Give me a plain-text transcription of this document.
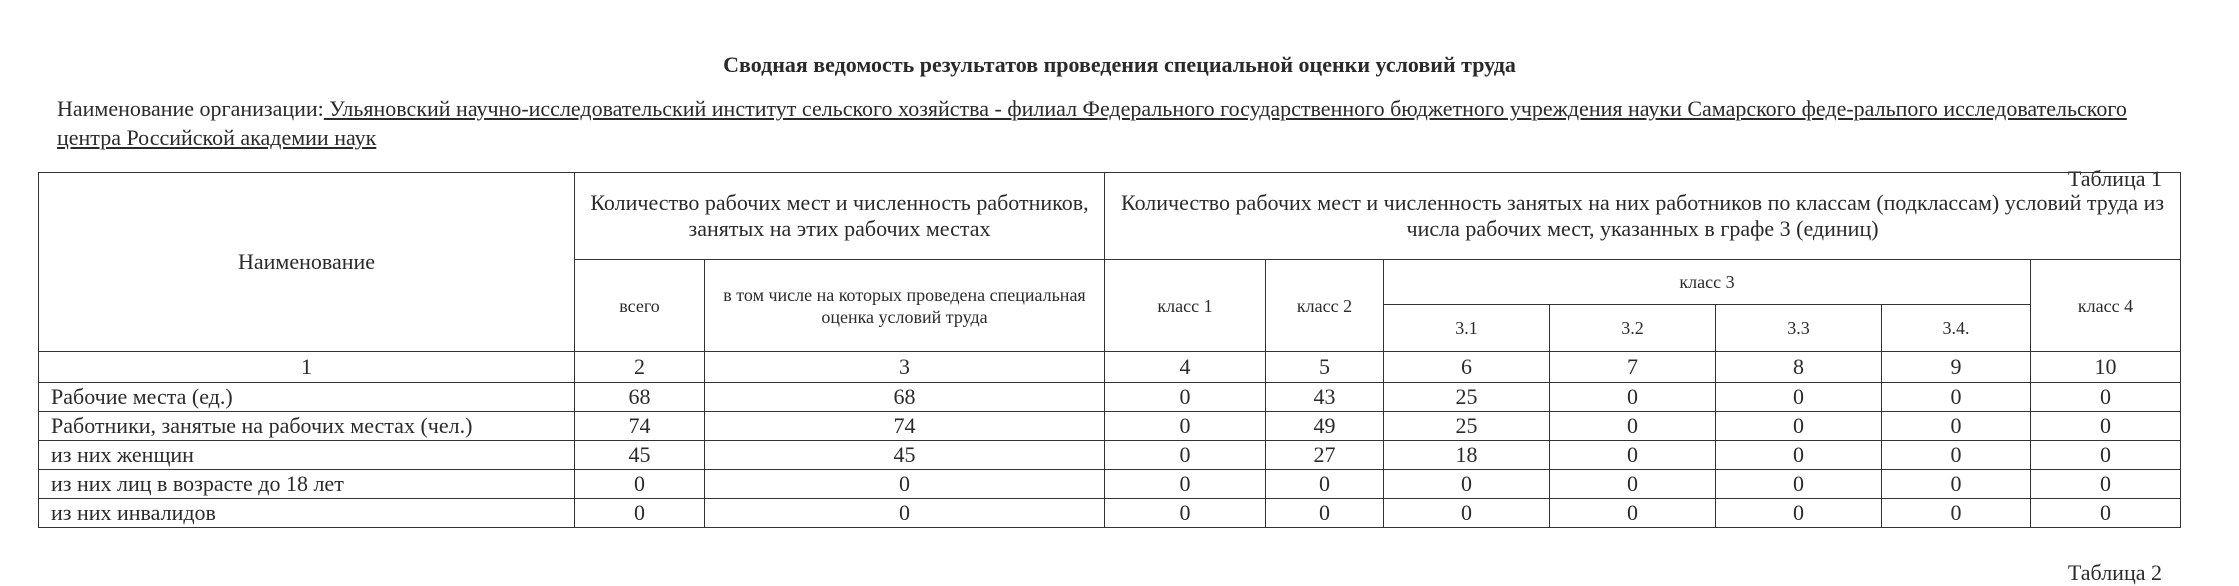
Сводная ведомость результатов проведения специальной оценки условий труда
Наименование организации: Ульяновский научно-исследовательский институт сельского хозяйства - филиал Федерального государственного бюджетного учреждения науки Самарского феде-ральпого исследовательского центра Российской академии наук
Таблица 1
Наименование	Количество рабочих мест и численность работников, занятых на этих рабочих местах		Количество рабочих мест и численность занятых на них работников по классам (подклассам) условий труда из числа рабочих мест, указанных в графе 3 (единиц)						
	всего	в том числе на которых проведена специальная оценка условий труда	класс 1	класс 2	класс 3				класс 4
					3.1	3.2	3.3	3.4.	
1	2	3	4	5	6	7	8	9	10
Рабочие места (ед.)	68	68	0	43	25	0	0	0	0
Работники, занятые на рабочих местах (чел.)	74	74	0	49	25	0	0	0	0
из них женщин	45	45	0	27	18	0	0	0	0
из них лиц в возрасте до 18 лет	0	0	0	0	0	0	0	0	0
из них инвалидов	0	0	0	0	0	0	0	0	0
Таблица 2
